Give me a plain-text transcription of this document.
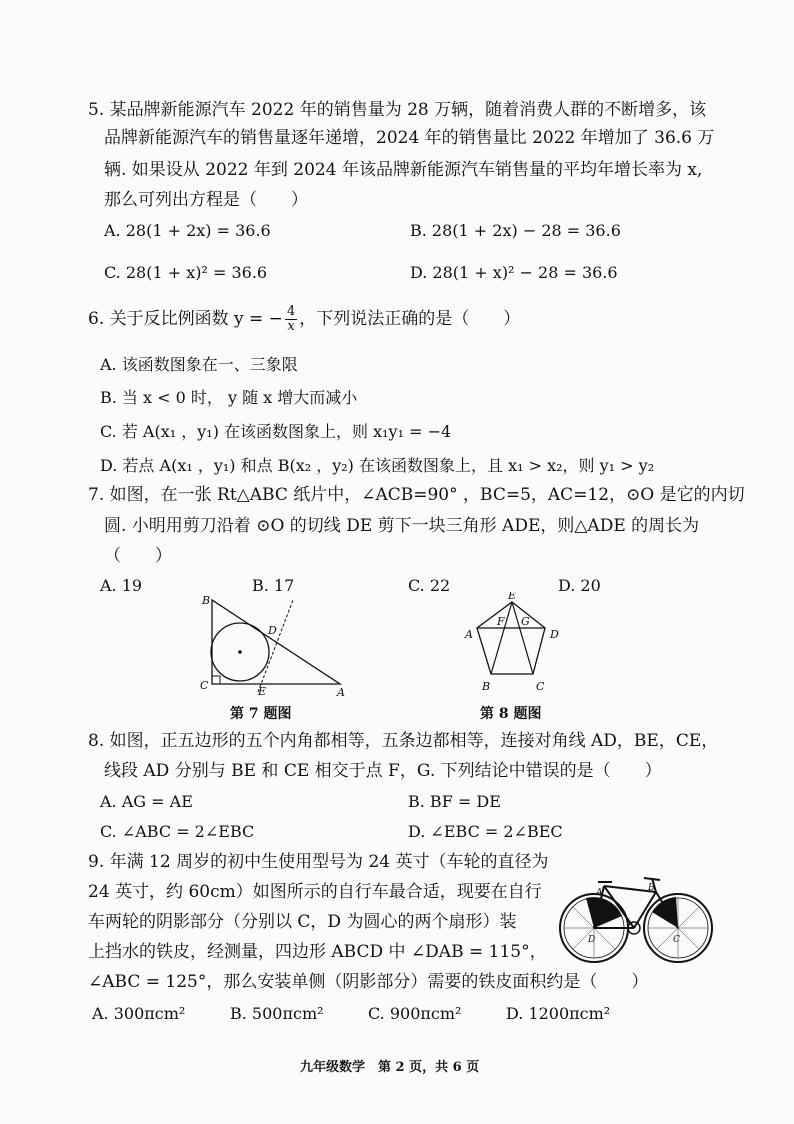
5. 某品牌新能源汽车 2022 年的销售量为 28 万辆，随着消费人群的不断增多，该
品牌新能源汽车的销售量逐年递增，2024 年的销售量比 2022 年增加了 36.6 万
辆. 如果设从 2022 年到 2024 年该品牌新能源汽车销售量的平均年增长率为 x,
那么可列出方程是（　　）
A. 28(1 + 2x) = 36.6	B. 28(1 + 2x) − 28 = 36.6
C. 28(1 + x)² = 36.6	D. 28(1 + x)² − 28 = 36.6
6. 关于反比例函数 y = − $\frac{4}{x}$ ，下列说法正确的是（　　）
A. 该函数图象在一、三象限
B. 当 x < 0 时， y 随 x 增大而减小
C. 若 A(x₁ ，y₁) 在该函数图象上，则 x₁y₁ = −4
D. 若点 A(x₁ ，y₁) 和点 B(x₂ ，y₂) 在该函数图象上，且 x₁ > x₂，则 y₁ > y₂
7. 如图，在一张 Rt△ABC 纸片中，∠ACB=90° ，BC=5，AC=12，⊙O 是它的内切
圆. 小明用剪刀沿着 ⊙O 的切线 DE 剪下一块三角形 ADE，则△ADE 的周长为
（　　）
A. 19	B. 17	C. 22	D. 20
B
C
A
D
E
第 7 题图
E
A	D
F G
B	C
第 8 题图
8. 如图，正五边形的五个内角都相等，五条边都相等，连接对角线 AD，BE，CE，
线段 AD 分别与 BE 和 CE 相交于点 F，G. 下列结论中错误的是（　　）
A. AG = AE	B. BF = DE
C. ∠ABC = 2∠EBC	D. ∠EBC = 2∠BEC
9. 年满 12 周岁的初中生使用型号为 24 英寸（车轮的直径为
24 英寸，约 60cm）如图所示的自行车最合适，现要在自行
车两轮的阴影部分（分别以 C，D 为圆心的两个扇形）装
上挡水的铁皮，经测量，四边形 ABCD 中 ∠DAB = 115°，
∠ABC = 125°，那么安装单侧（阴影部分）需要的铁皮面积约是（　　）
A. 300πcm²	B. 500πcm²	C. 900πcm²	D. 1200πcm²
A	B
D	C
九年级数学　第 2 页，共 6 页
